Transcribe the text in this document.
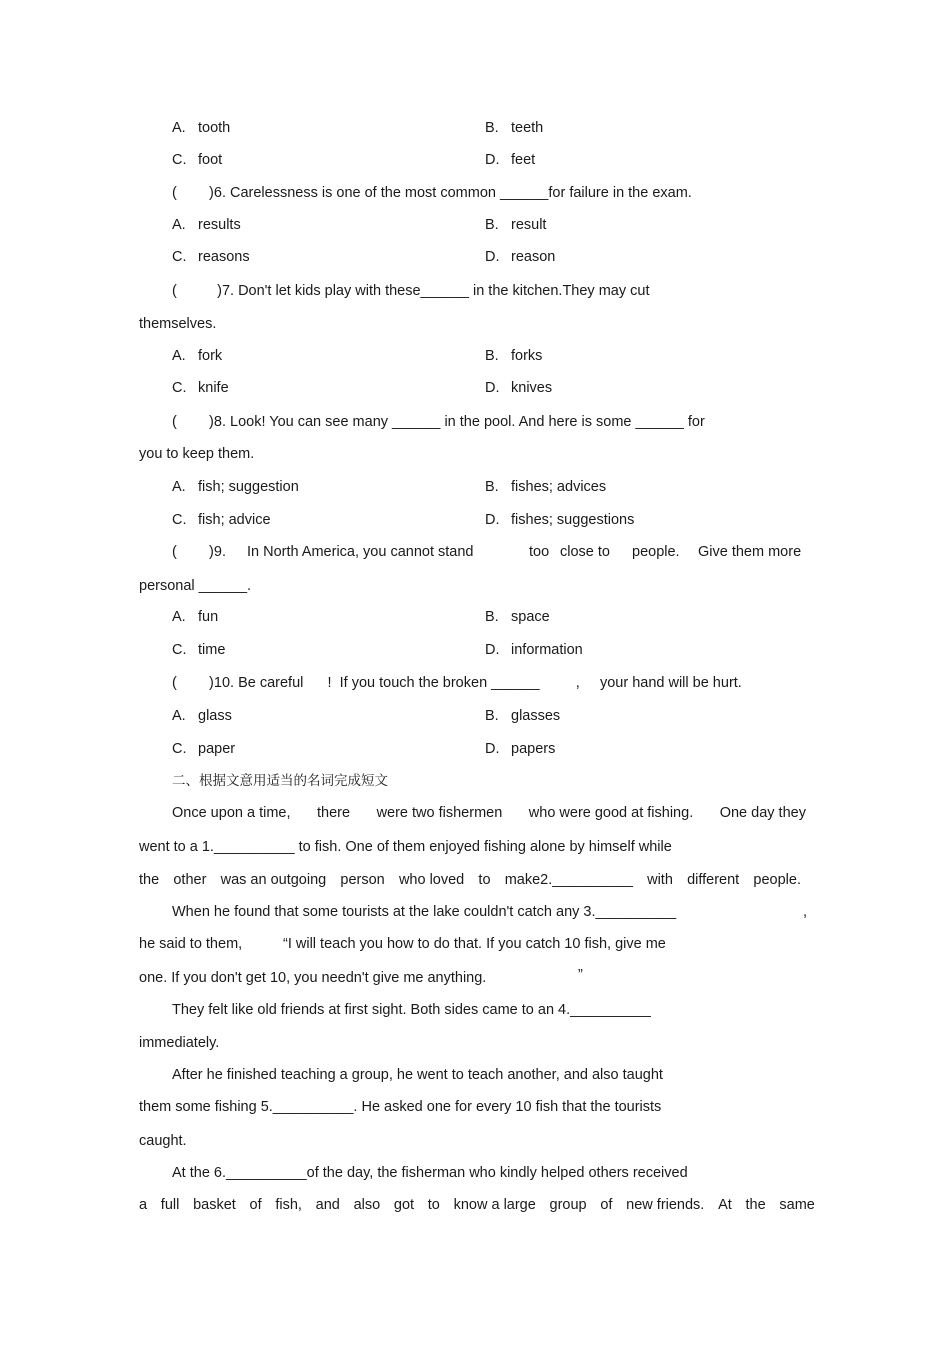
A. tooth	B. teeth
C. foot	D. feet
(        )6. Carelessness is one of the most common ______for failure in the exam.
A. results	B. result
C. reasons	D. reason
(          )7. Don't let kids play with these______ in the kitchen.They may cut
themselves.
A. fork	B. forks
C. knife	D. knives
(        )8. Look! You can see many ______ in the pool. And here is some ______ for
you to keep them.
A. fish; suggestion	B. fishes; advices
C. fish; advice	D. fishes; suggestions
(        )9. In North America, you cannot stand	too close to people. Give them more
personal ______.
A. fun	B. space
C. time	D. information
(        )10. Be careful      !  If you touch the broken ______         ,     your hand will be hurt.
A. glass	B. glasses
C. paper	D. papers
二、根据文意用适当的名词完成短文
Once upon a time, there were two fishermen who were good at fishing. One day they
went to a 1.__________ to fish. One of them enjoyed fishing alone by himself while
the other was an outgoing person who loved to make2.__________ with different people.
When he found that some tourists at the lake couldn't catch any 3.__________	,
he said to them,	“I will teach you how to do that. If you catch 10 fish, give me
one. If you don't get 10, you needn't give me anything.	”
They felt like old friends at first sight. Both sides came to an 4.__________
immediately.
After he finished teaching a group, he went to teach another, and also taught
them some fishing 5.__________. He asked one for every 10 fish that the tourists
caught.
At the 6.__________of the day, the fisherman who kindly helped others received
a full basket of fish, and also got to know a large group of new friends. At the same
